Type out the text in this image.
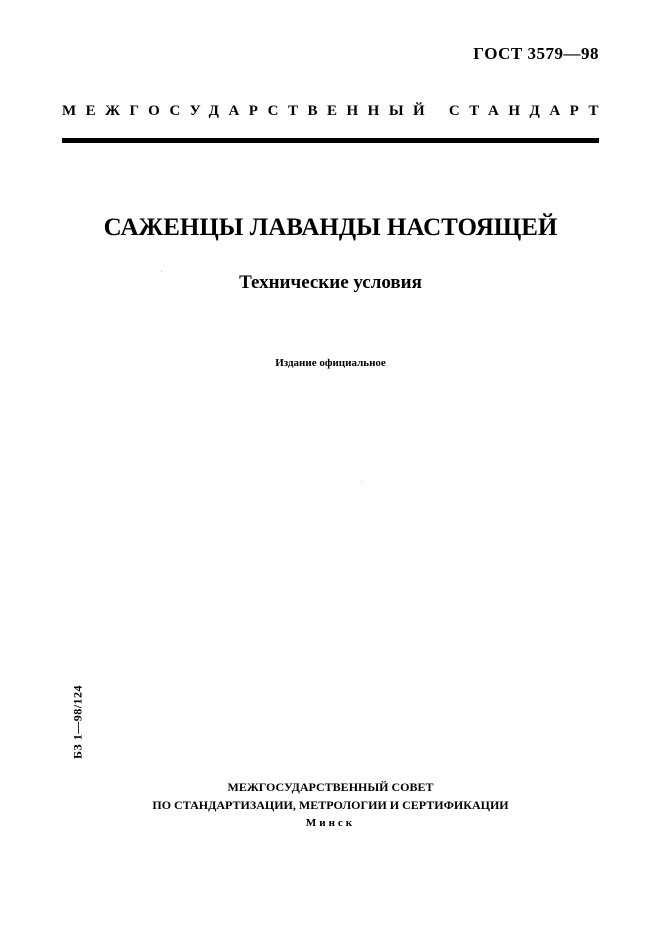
ГОСТ 3579—98
МЕЖГОСУДАРСТВЕННЫЙ СТАНДАРТ
САЖЕНЦЫ ЛАВАНДЫ НАСТОЯЩЕЙ
Технические условия
Издание официальное
БЗ 1—98/124
МЕЖГОСУДАРСТВЕННЫЙ СОВЕТ
ПО СТАНДАРТИЗАЦИИ, МЕТРОЛОГИИ И СЕРТИФИКАЦИИ
Минск
